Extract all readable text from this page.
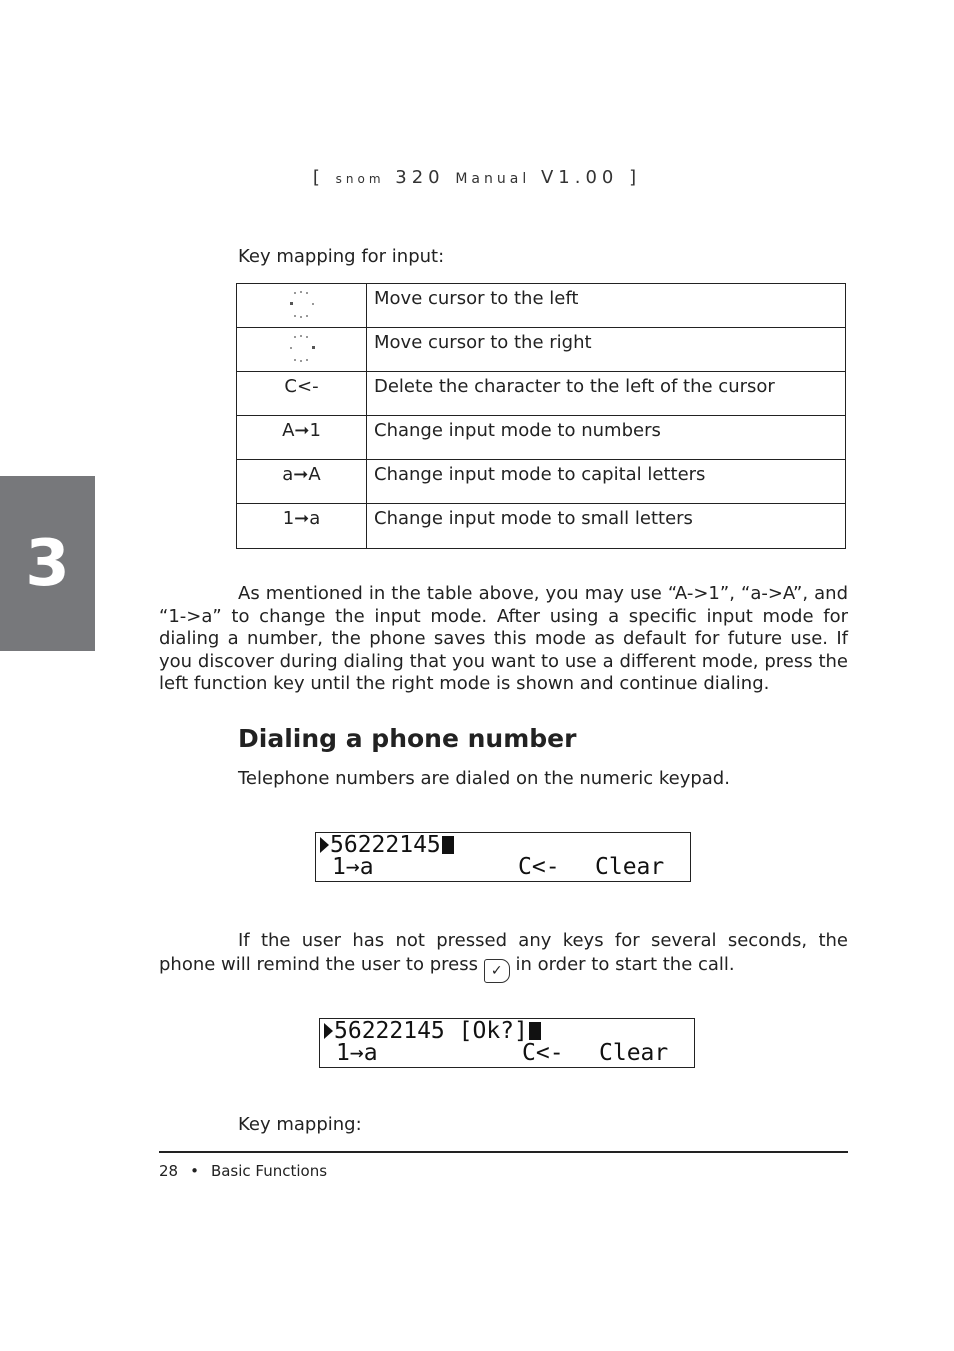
[ snom 320 Manual V1.00 ]
3
Key mapping for input:
	Move cursor to the left

	Move cursor to the right
C<-	Delete the character to the left of the cursor
A➞1	Change input mode to numbers
a➞A	Change input mode to capital letters
1➞a	Change input mode to small letters
As mentioned in the table above, you may use “A->1”, “a->A”, and “1->a” to change the input mode. After using a specific input mode for dialing a number, the phone saves this mode as default for future use. If you discover during dialing that you want to use a different mode, press the left function key until the right mode is shown and continue dialing.
Dialing a phone number
Telephone numbers are dialed on the numeric keypad.
56222145
1→a	C<- Clear
If the user has not pressed any keys for several seconds, the phone will remind the user to press ✓ in order to start the call.
56222145 [Ok?]
1→a	C<- Clear
Key mapping:
28 • Basic Functions
